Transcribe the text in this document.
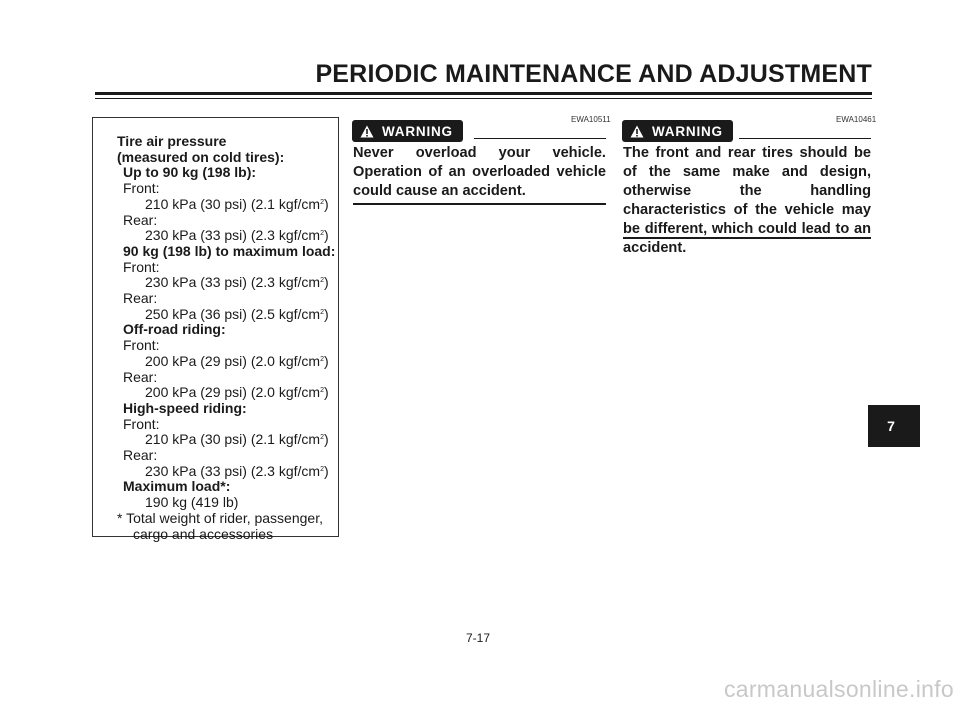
PERIODIC MAINTENANCE AND ADJUSTMENT
Tire air pressure
(measured on cold tires):
Up to 90 kg (198 lb):
Front:
210 kPa (30 psi) (2.1 kgf/$cm^2$)
Rear:
230 kPa (33 psi) (2.3 kgf/$cm^2$)
90 kg (198 lb) to maximum load:
Front:
230 kPa (33 psi) (2.3 kgf/$cm^2$)
Rear:
250 kPa (36 psi) (2.5 kgf/$cm^2$)
Off-road riding:
Front:
200 kPa (29 psi) (2.0 kgf/$cm^2$)
Rear:
200 kPa (29 psi) (2.0 kgf/$cm^2$)
High-speed riding:
Front:
210 kPa (30 psi) (2.1 kgf/$cm^2$)
Rear:
230 kPa (33 psi) (2.3 kgf/$cm^2$)
Maximum load*:
190 kg (419 lb)
* Total weight of rider, passenger,
cargo and accessories
EWA10511
WARNING
Never overload your vehicle. Operation of an overloaded vehicle could cause an accident.
EWA10461
WARNING
The front and rear tires should be of the same make and design, otherwise the handling characteristics of the vehicle may be different, which could lead to an accident.
7-17
7
carmanualsonline.info
